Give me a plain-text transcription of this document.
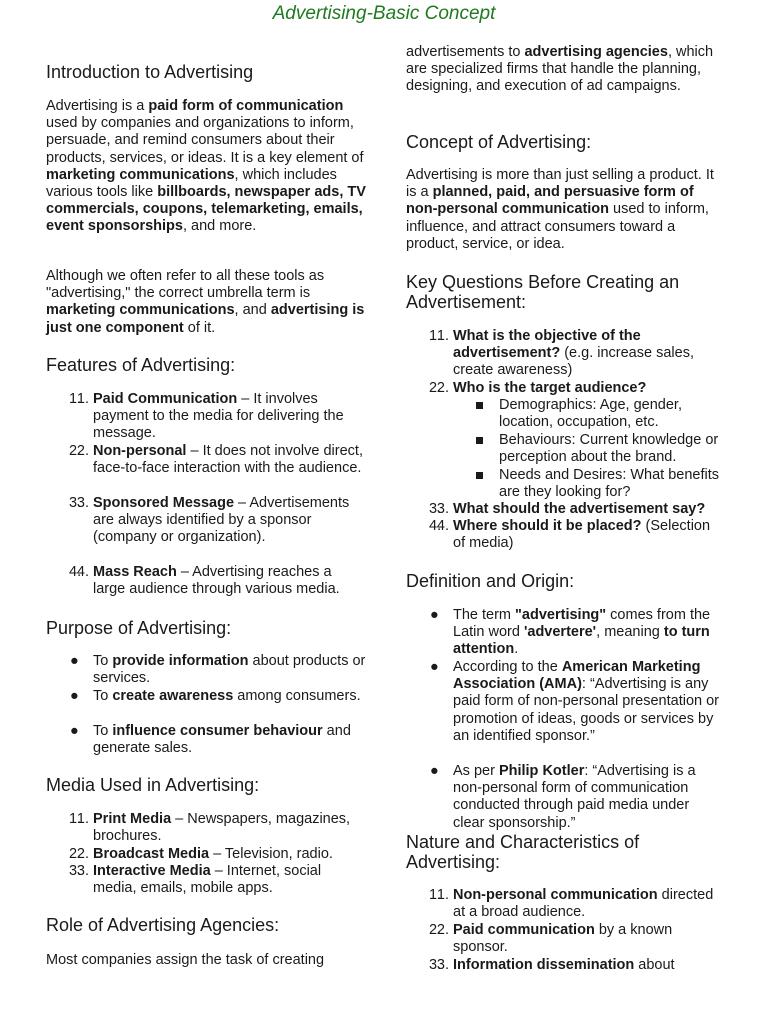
Advertising-Basic Concept
Introduction to Advertising

Advertising is a paid form of communication used by companies and organizations to inform, persuade, and remind consumers about their products, services, or ideas. It is a key element of marketing communications, which includes various tools like billboards, newspaper ads, TV commercials, coupons, telemarketing, emails, event sponsorships, and more.

Although we often refer to all these tools as "advertising," the correct umbrella term is marketing communications, and advertising is just one component of it.

Features of Advertising:
1. 1. Paid Communication – It involves payment to the media for delivering the message.
2. 2. Non-personal – It does not involve direct, face-to-face interaction with the audience.
3. 3. Sponsored Message – Advertisements are always identified by a sponsor (company or organization).
4. 4. Mass Reach – Advertising reaches a large audience through various media.
Purpose of Advertising:
● To provide information about products or services.
● To create awareness among consumers.
● To influence consumer behaviour and generate sales.
Media Used in Advertising:
1. 1. Print Media – Newspapers, magazines, brochures.
2. 2. Broadcast Media – Television, radio.
3. 3. Interactive Media – Internet, social media, emails, mobile apps.
Role of Advertising Agencies:

Most companies assign the task of creating

advertisements to advertising agencies, which are specialized firms that handle the planning, designing, and execution of ad campaigns.

Concept of Advertising:

Advertising is more than just selling a product. It is a planned, paid, and persuasive form of non-personal communication used to inform, influence, and attract consumers toward a product, service, or idea.

Key Questions Before Creating an Advertisement:
1. 1. What is the objective of the advertisement? (e.g. increase sales, create awareness)
2. 2. Who is the target audience?
Demographics: Age, gender, location, occupation, etc.
Behaviours: Current knowledge or perception about the brand.
Needs and Desires: What benefits are they looking for?
3. 3. What should the advertisement say?
4. 4. Where should it be placed? (Selection of media)
Definition and Origin:
● The term "advertising" comes from the Latin word 'advertere', meaning to turn attention.
● According to the American Marketing Association (AMA): “Advertising is any paid form of non-personal presentation or promotion of ideas, goods or services by an identified sponsor.”
● As per Philip Kotler: “Advertising is a non-personal form of communication conducted through paid media under clear sponsorship.”
Nature and Characteristics of Advertising:
1. 1. Non-personal communication directed at a broad audience.
2. 2. Paid communication by a known sponsor.
3. 3. Information dissemination about
